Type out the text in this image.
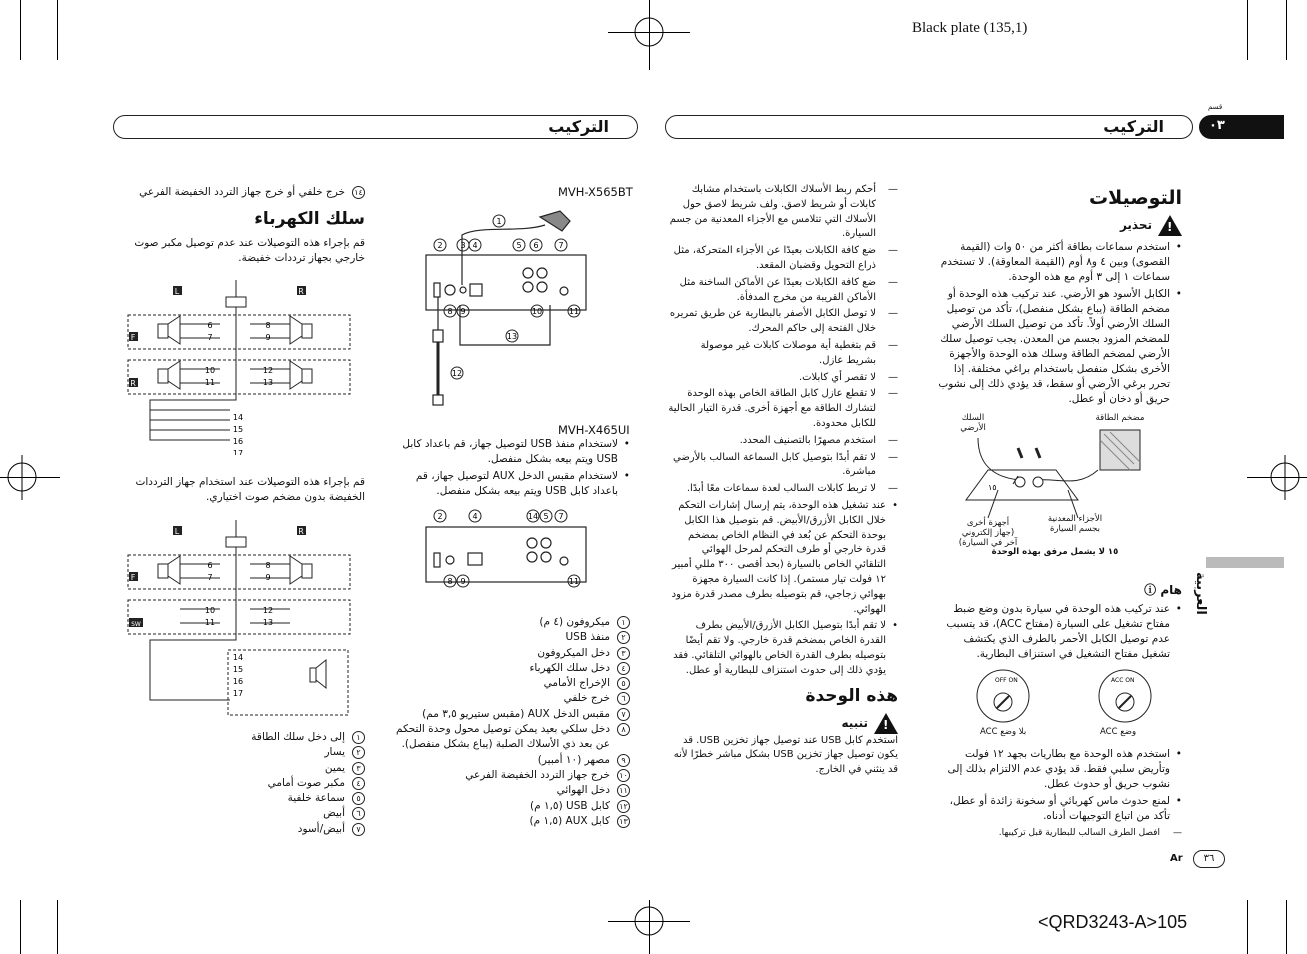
Black plate (135,1)
التركيب	التركيب
قسم
٠٣
التوصيلات
!تحذير

• استخدم سماعات بطاقة أكثر من ٥٠ وات (القيمة القصوى) وبين ٤ و٨ أوم (القيمة المعاوقة). لا تستخدم سماعات ١ إلى ٣ أوم مع هذه الوحدة.

• الكابل الأسود هو الأرضي. عند تركيب هذه الوحدة أو مضخم الطاقة (يباع بشكل منفصل)، تأكد من توصيل السلك الأرضي أولاً. تأكد من توصيل السلك الأرضي للمضخم المزود بجسم من المعدن. يجب توصيل سلك الأرضي لمضخم الطاقة وسلك هذه الوحدة والأجهزة الأخرى بشكل منفصل باستخدام براغي مختلفة. إذا تحرر برغي الأرضي أو سقط، قد يؤدي ذلك إلى نشوب حريق أو دخان أو عطل.

١٥
السلك الأرضي
مضخم الطاقة
أجهزة أخرى (جهاز إلكتروني آخر في السيارة)
الأجزاء المعدنية بجسم السيارة
١٥ لا يشمل مرفق بهذه الوحدة
هام ⓘ

• عند تركيب هذه الوحدة في سيارة بدون وضع ضبط مفتاح تشغيل على السيارة (مفتاح ACC)، قد يتسبب عدم توصيل الكابل الأحمر بالطرف الذي يكتشف تشغيل مفتاح التشغيل في استنزاف البطارية.

OFF ON	ACC ON
بلا وضع ACC	وضع ACC

• استخدم هذه الوحدة مع بطاريات بجهد ١٢ فولت وتأريض سلبي فقط. قد يؤدي عدم الالتزام بذلك إلى نشوب حريق أو حدوث عطل.

• لمنع حدوث ماس كهربائي أو سخونة زائدة أو عطل، تأكد من اتباع التوجيهات أدناه.

— افصل الطرف السالب للبطارية قبل تركيبها.

العربية

— أحكم ربط الأسلاك الكابلات باستخدام مشابك كابلات أو شريط لاصق. ولف شريط لاصق حول الأسلاك التي تتلامس مع الأجزاء المعدنية من جسم السيارة.

— ضع كافة الكابلات بعيدًا عن الأجزاء المتحركة، مثل ذراع التحويل وقضبان المقعد.

— ضع كافة الكابلات بعيدًا عن الأماكن الساخنة مثل الأماكن القريبة من مخرج المدفأة.

— لا توصل الكابل الأصفر بالبطارية عن طريق تمريره خلال الفتحة إلى حاكم المحرك.

— قم بتغطية أية موصلات كابلات غير موصولة بشريط عازل.

— لا تقصر أي كابلات.

— لا تقطع عازل كابل الطاقة الخاص بهذه الوحدة لتشارك الطاقة مع أجهزة أخرى. قدرة التيار الحالية للكابل محدودة.

— استخدم مصهرًا بالتصنيف المحدد.

— لا تقم أبدًا بتوصيل كابل السماعة السالب بالأرضي مباشرة.

— لا تربط كابلات السالب لعدة سماعات معًا أبدًا.

• عند تشغيل هذه الوحدة، يتم إرسال إشارات التحكم خلال الكابل الأزرق/الأبيض. قم بتوصيل هذا الكابل بوحدة التحكم عن بُعد في النظام الخاص بمضخم قدرة خارجي أو طرف التحكم لمرحل الهوائي التلقائي الخاص بالسيارة (بحد أقصى ٣٠٠ مللي أمبير ١٢ فولت تيار مستمر). إذا كانت السيارة مجهزة بهوائي زجاجي، قم بتوصيله بطرف مصدر قدرة مزود الهوائي.

• لا تقم أبدًا بتوصيل الكابل الأزرق/الأبيض بطرف القدرة الخاص بمضخم قدرة خارجي. ولا تقم أيضًا بتوصيله بطرف القدرة الخاص بالهوائي التلقائي. فقد يؤدي ذلك إلى حدوث استنزاف للبطارية أو عطل.

هذه الوحدة
!تنبيه

استخدم كابل USB عند توصيل جهاز تخزين USB. قد يكون توصيل جهاز تخزين USB بشكل مباشر خطرًا لأنه قد ينثني في الخارج.

MVH-X565BT
1
2 3 4	5 6 7
8 9	10	11
13
12
MVH-X465UI

• لاستخدام منفذ USB لتوصيل جهاز، قم باعداد كابل USB ويتم بيعه بشكل منفصل.

• لاستخدام مقبس الدخل AUX لتوصيل جهاز، قم باعداد كابل USB ويتم بيعه بشكل منفصل.

2	4	14 5 7
8 9	11
١
ميكروفون (٤ م)
٢
منفذ USB
٣
دخل الميكروفون
٤
دخل سلك الكهرباء
٥
الإخراج الأمامي
٦
خرج خلفي
٧
مقبس الدخل AUX (مقبس ستيريو ٣,٥ مم)
٨
دخل سلكي بعيد يمكن توصيل محول وحدة التحكم عن بعد ذي الأسلاك الصلبة (يباع بشكل منفصل).
٩
مصهر (١٠ أمبير)
١٠
خرج جهاز التردد الخفيضة الفرعي
١١
دخل الهوائي
١٢
كابل USB (١,٥ م)
١٣
كابل AUX (١,٥ م)
١٤
خرج خلفي أو خرج جهاز التردد الخفيضة الفرعي
سلك الكهرباء

قم بإجراء هذه التوصيلات عند عدم توصيل مكبر صوت خارجي بجهاز ترددات خفيضة.

L	R
F
R
6
7
8
9
10
11
12
13
14
15
16
17
قم بإجراء هذه التوصيلات عند استخدام جهاز الترددات الخفيضة بدون مضخم صوت اختياري.
L	R
F
SW
6
7
8
9
10
11
12
13
14
15
16
17
١
إلى دخل سلك الطاقة
٢
يسار
٣
يمين
٤
مكبر صوت أمامي
٥
سماعة خلفية
٦
أبيض
٧
أبيض/أسود
Ar	٣٦
<QRD3243-A>105
